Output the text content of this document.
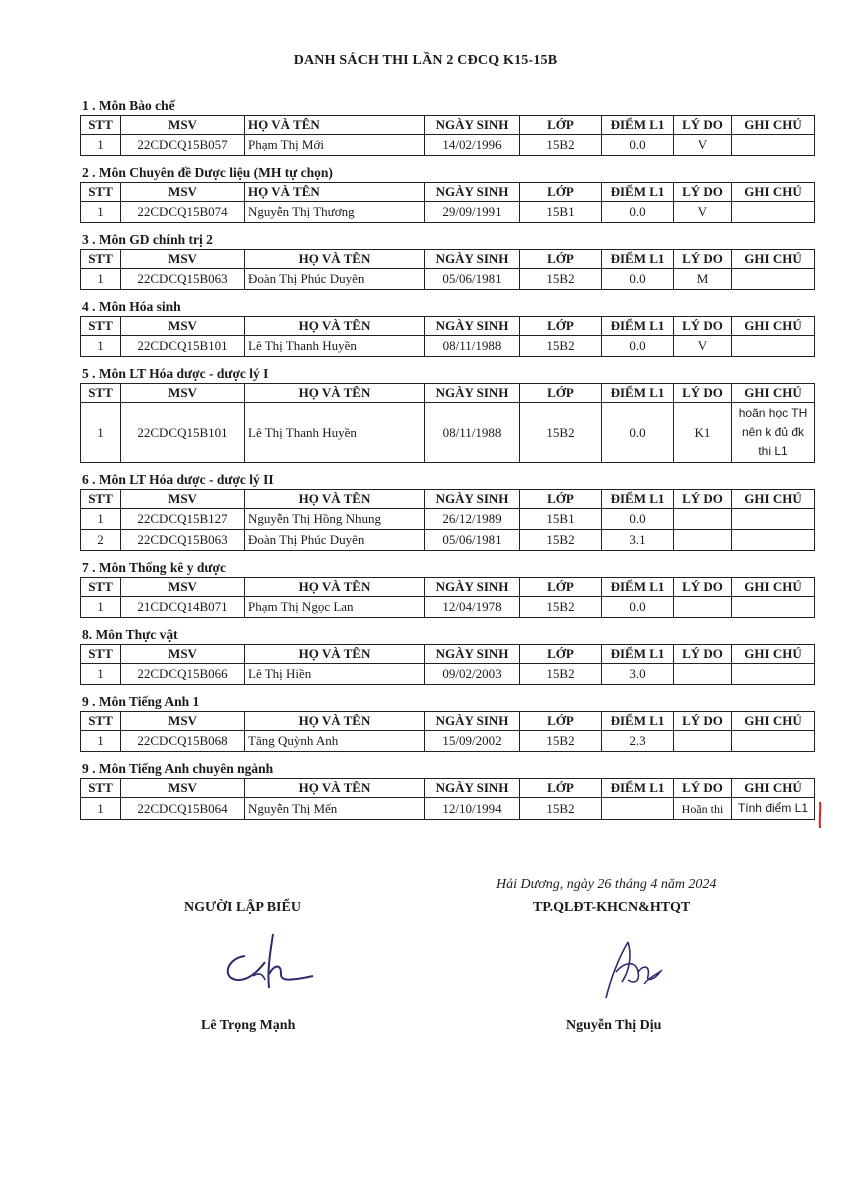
DANH SÁCH THI LẦN 2 CĐCQ K15-15B
1 . Môn Bào chế
STT	MSV	HỌ VÀ TÊN	NGÀY SINH	LỚP	ĐIỂM L1	LÝ DO	GHI CHÚ
1	22CDCQ15B057	Phạm Thị Mới	14/02/1996	15B2	0.0	V	
2 . Môn Chuyên đề Dược liệu (MH tự chọn)
STT	MSV	HỌ VÀ TÊN	NGÀY SINH	LỚP	ĐIỂM L1	LÝ DO	GHI CHÚ
1	22CDCQ15B074	Nguyễn Thị Thương	29/09/1991	15B1	0.0	V	
3 . Môn GD chính trị 2
STT	MSV	HỌ VÀ TÊN	NGÀY SINH	LỚP	ĐIỂM L1	LÝ DO	GHI CHÚ
1	22CDCQ15B063	Đoàn Thị Phúc Duyên	05/06/1981	15B2	0.0	M	
4 . Môn Hóa sinh
STT	MSV	HỌ VÀ TÊN	NGÀY SINH	LỚP	ĐIỂM L1	LÝ DO	GHI CHÚ
1	22CDCQ15B101	Lê Thị Thanh Huyền	08/11/1988	15B2	0.0	V	
5 . Môn LT Hóa dược - dược lý I
STT	MSV	HỌ VÀ TÊN	NGÀY SINH	LỚP	ĐIỂM L1	LÝ DO	GHI CHÚ
1	22CDCQ15B101	Lê Thị Thanh Huyền	08/11/1988	15B2	0.0	K1	hoãn học TH nên k đủ đk thi L1
6 . Môn LT Hóa dược - dược lý II
STT	MSV	HỌ VÀ TÊN	NGÀY SINH	LỚP	ĐIỂM L1	LÝ DO	GHI CHÚ
1	22CDCQ15B127	Nguyễn Thị Hồng Nhung	26/12/1989	15B1	0.0		
2	22CDCQ15B063	Đoàn Thị Phúc Duyên	05/06/1981	15B2	3.1		
7 . Môn Thống kê y dược
STT	MSV	HỌ VÀ TÊN	NGÀY SINH	LỚP	ĐIỂM L1	LÝ DO	GHI CHÚ
1	21CDCQ14B071	Phạm Thị Ngọc Lan	12/04/1978	15B2	0.0		
8. Môn Thực vật
STT	MSV	HỌ VÀ TÊN	NGÀY SINH	LỚP	ĐIỂM L1	LÝ DO	GHI CHÚ
1	22CDCQ15B066	Lê Thị Hiền	09/02/2003	15B2	3.0		
9 . Môn Tiếng Anh 1
STT	MSV	HỌ VÀ TÊN	NGÀY SINH	LỚP	ĐIỂM L1	LÝ DO	GHI CHÚ
1	22CDCQ15B068	Tăng Quỳnh Anh	15/09/2002	15B2	2.3		
9 . Môn Tiếng Anh chuyên ngành
STT	MSV	HỌ VÀ TÊN	NGÀY SINH	LỚP	ĐIỂM L1	LÝ DO	GHI CHÚ
1	22CDCQ15B064	Nguyễn Thị Mến	12/10/1994	15B2		Hoãn thi	Tính điểm L1
Hải Dương, ngày 26 tháng 4 năm 2024
NGƯỜI LẬP BIỂU	TP.QLĐT-KHCN&HTQT
Lê Trọng Mạnh	Nguyễn Thị Dịu
